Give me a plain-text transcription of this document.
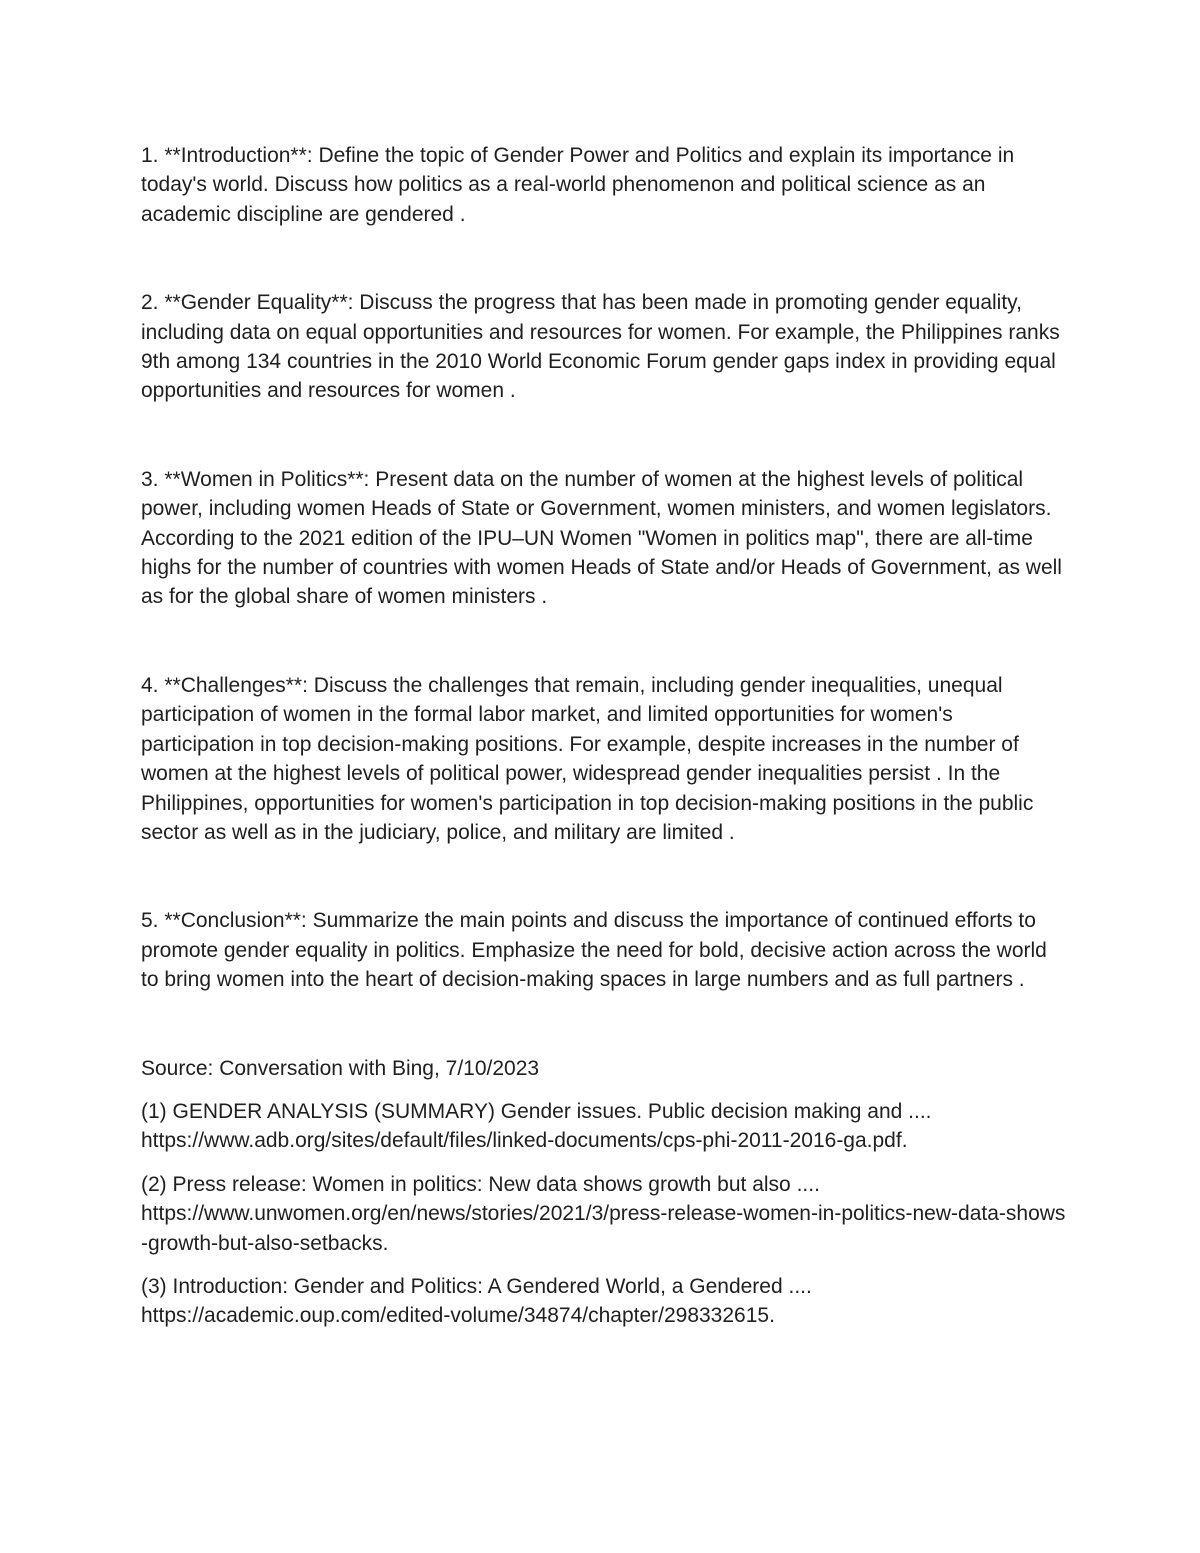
1. **Introduction**: Define the topic of Gender Power and Politics and explain its importance in today's world. Discuss how politics as a real-world phenomenon and political science as an academic discipline are gendered .

2. **Gender Equality**: Discuss the progress that has been made in promoting gender equality, including data on equal opportunities and resources for women. For example, the Philippines ranks 9th among 134 countries in the 2010 World Economic Forum gender gaps index in providing equal opportunities and resources for women .

3. **Women in Politics**: Present data on the number of women at the highest levels of political power, including women Heads of State or Government, women ministers, and women legislators. According to the 2021 edition of the IPU–UN Women "Women in politics map", there are all-time highs for the number of countries with women Heads of State and/or Heads of Government, as well as for the global share of women ministers .

4. **Challenges**: Discuss the challenges that remain, including gender inequalities, unequal participation of women in the formal labor market, and limited opportunities for women's participation in top decision-making positions. For example, despite increases in the number of women at the highest levels of political power, widespread gender inequalities persist . In the Philippines, opportunities for women's participation in top decision-making positions in the public sector as well as in the judiciary, police, and military are limited .

5. **Conclusion**: Summarize the main points and discuss the importance of continued efforts to promote gender equality in politics. Emphasize the need for bold, decisive action across the world to bring women into the heart of decision-making spaces in large numbers and as full partners .

Source: Conversation with Bing, 7/10/2023

(1) GENDER ANALYSIS (SUMMARY) Gender issues. Public decision making and ....
https://www.adb.org/sites/default/files/linked-documents/cps-phi-2011-2016-ga.pdf.
(2) Press release: Women in politics: New data shows growth but also ....
https://www.unwomen.org/en/news/stories/2021/3/press-release-women-in-politics-new-data-shows-growth-but-also-setbacks.
(3) Introduction: Gender and Politics: A Gendered World, a Gendered ....
https://academic.oup.com/edited-volume/34874/chapter/298332615.
